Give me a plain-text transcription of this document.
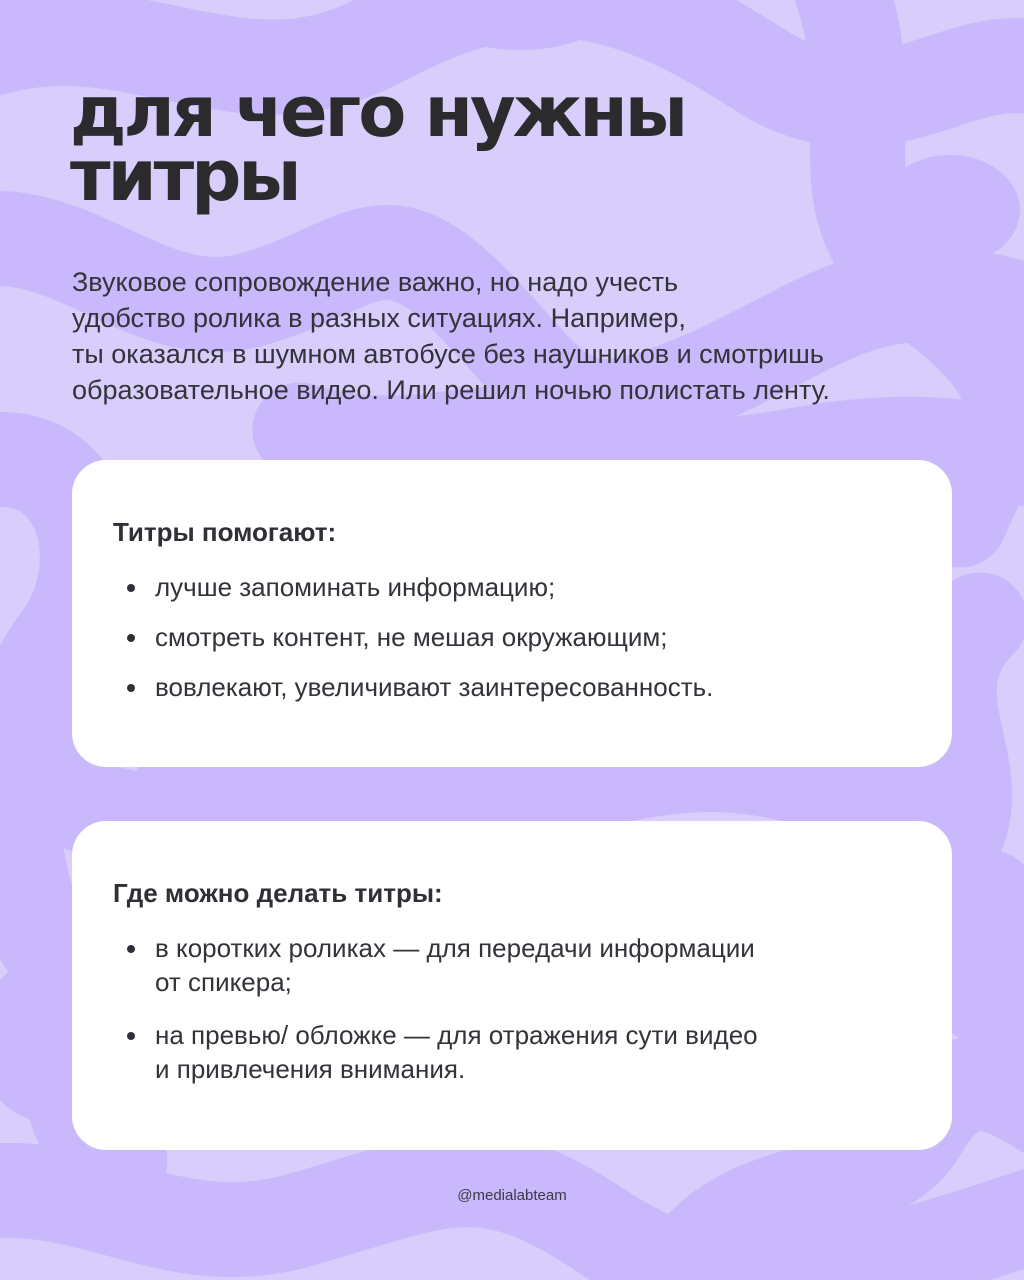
для чего нужны
титры

Звуковое сопровождение важно, но надо учесть
удобство ролика в разных ситуациях. Например,
ты оказался в шумном автобусе без наушников и смотришь
образовательное видео. Или решил ночью полистать ленту.

Титры помогают:
лучше запоминать информацию;
смотреть контент, не мешая окружающим;
вовлекают, увеличивают заинтересованность.
Где можно делать титры:
в коротких роликах — для передачи информации
от спикера;
на превью/ обложке — для отражения сути видео
и привлечения внимания.
@medialabteam
